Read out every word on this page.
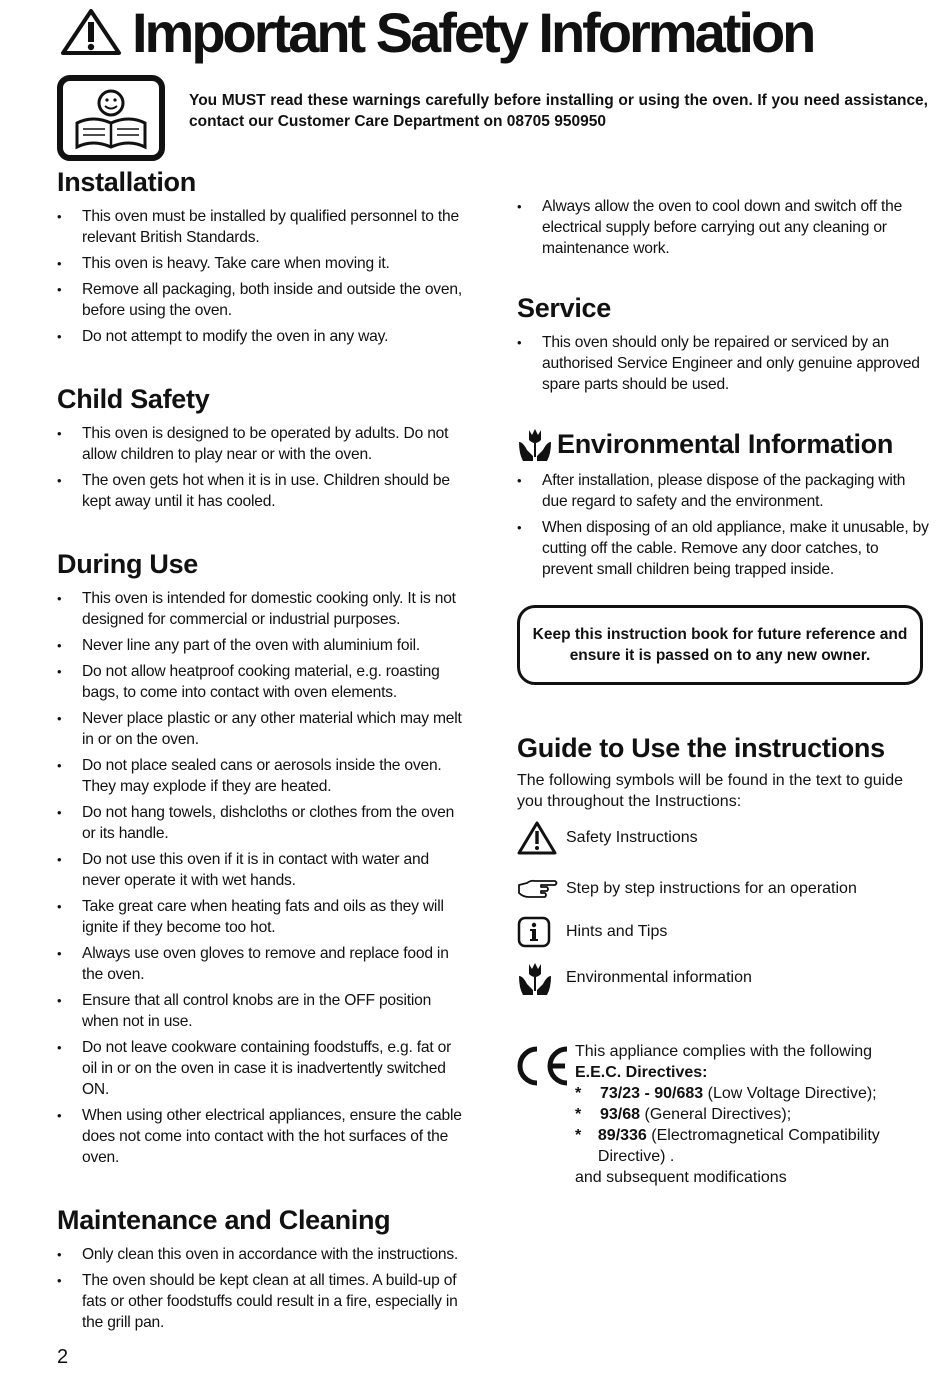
Important Safety Information
You MUST read these warnings carefully before installing or using the oven. If you need assistance, contact our Customer Care Department on 08705 950950
Installation
• This oven must be installed by qualified personnel to the relevant British Standards.
• This oven is heavy. Take care when moving it.
• Remove all packaging, both inside and outside the oven, before using the oven.
• Do not attempt to modify the oven in any way.
Child Safety
• This oven is designed to be operated by adults. Do not allow children to play near or with the oven.
• The oven gets hot when it is in use. Children should be kept away until it has cooled.
During Use
• This oven is intended for domestic cooking only. It is not designed for commercial or industrial purposes.
• Never line any part of the oven with aluminium foil.
• Do not allow heatproof cooking material, e.g. roasting bags, to come into contact with oven elements.
• Never place plastic or any other material which may melt in or on the oven.
• Do not place sealed cans or aerosols inside the oven. They may explode if they are heated.
• Do not hang towels, dishcloths or clothes from the oven or its handle.
• Do not use this oven if it is in contact with water and never operate it with wet hands.
• Take great care when heating fats and oils as they will ignite if they become too hot.
• Always use oven gloves to remove and replace food in the oven.
• Ensure that all control knobs are in the OFF position when not in use.
• Do not leave cookware containing foodstuffs, e.g. fat or oil in or on the oven in case it is inadvertently switched ON.
• When using other electrical appliances, ensure the cable does not come into contact with the hot surfaces of the oven.
Maintenance and Cleaning
• Only clean this oven in accordance with the instructions.
• The oven should be kept clean at all times. A build-up of fats or other foodstuffs could result in a fire, especially in the grill pan.
• Always allow the oven to cool down and switch off the electrical supply before carrying out any cleaning or maintenance work.
Service
• This oven should only be repaired or serviced by an authorised Service Engineer and only genuine approved spare parts should be used.
Environmental Information
• After installation, please dispose of the packaging with due regard to safety and the environment.
• When disposing of an old appliance, make it unusable, by cutting off the cable. Remove any door catches, to prevent small children being trapped inside.
Keep this instruction book for future reference and ensure it is passed on to any new owner.
Guide to Use the instructions
The following symbols will be found in the text to guide you throughout the Instructions:
Safety Instructions
Step by step instructions for an operation
Hints and Tips
Environmental information
This appliance complies with the following
E.E.C. Directives:
*	73/23 - 90/683 (Low Voltage Directive);
*	93/68 (General Directives);
*	89/336 (Electromagnetical Compatibility Directive) .
and subsequent modifications
2
